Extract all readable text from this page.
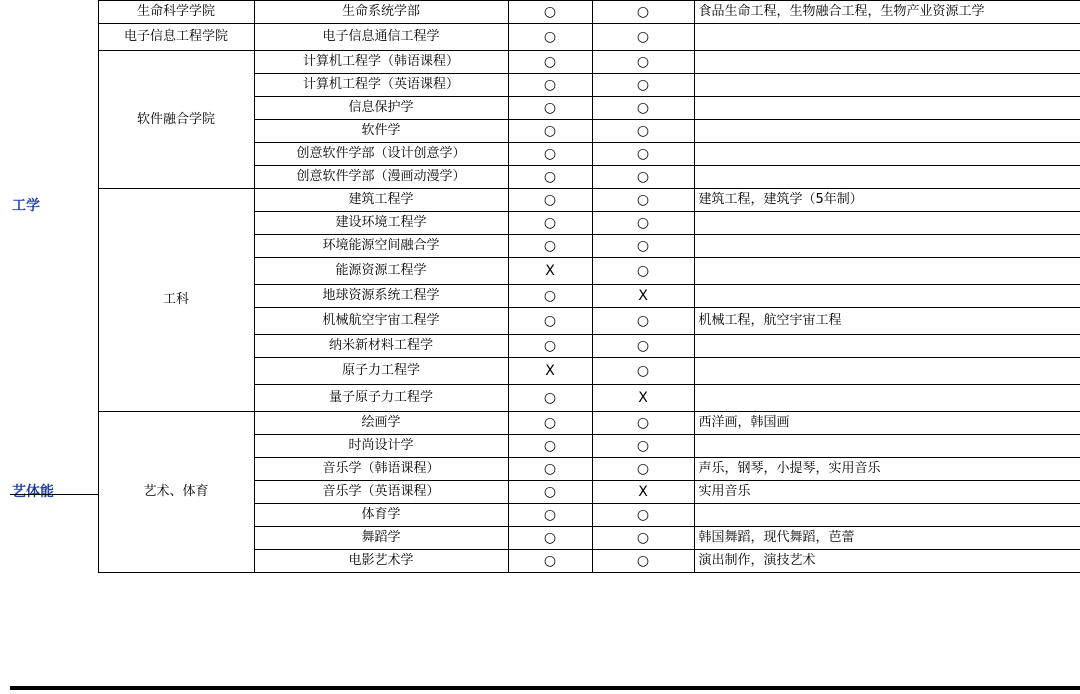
工学	生命科学学院	生命系统学部	○	○	食品生命工程，生物融合工程，生物产业资源工学
	电子信息工程学院	电子信息通信工程学	○	○	
	软件融合学院	计算机工程学（韩语课程）	○	○	
		计算机工程学（英语课程）	○	○	
		信息保护学	○	○	
		软件学	○	○	
		创意软件学部（设计创意学）	○	○	
		创意软件学部（漫画动漫学）	○	○	
	工科	建筑工程学	○	○	建筑工程，建筑学（5年制）
		建设环境工程学	○	○	
		环境能源空间融合学	○	○	
		能源资源工程学	X	○	
		地球资源系统工程学	○	X	
		机械航空宇宙工程学	○	○	机械工程，航空宇宙工程
		纳米新材料工程学	○	○	
		原子力工程学	X	○	
		量子原子力工程学	○	X	
艺体能	艺术、体育	绘画学	○	○	西洋画，韩国画
		时尚设计学	○	○	
		音乐学（韩语课程）	○	○	声乐，钢琴，小提琴，实用音乐
		音乐学（英语课程）	○	X	实用音乐
		体育学	○	○	
		舞蹈学	○	○	韩国舞蹈，现代舞蹈，芭蕾
		电影艺术学	○	○	演出制作，演技艺术
